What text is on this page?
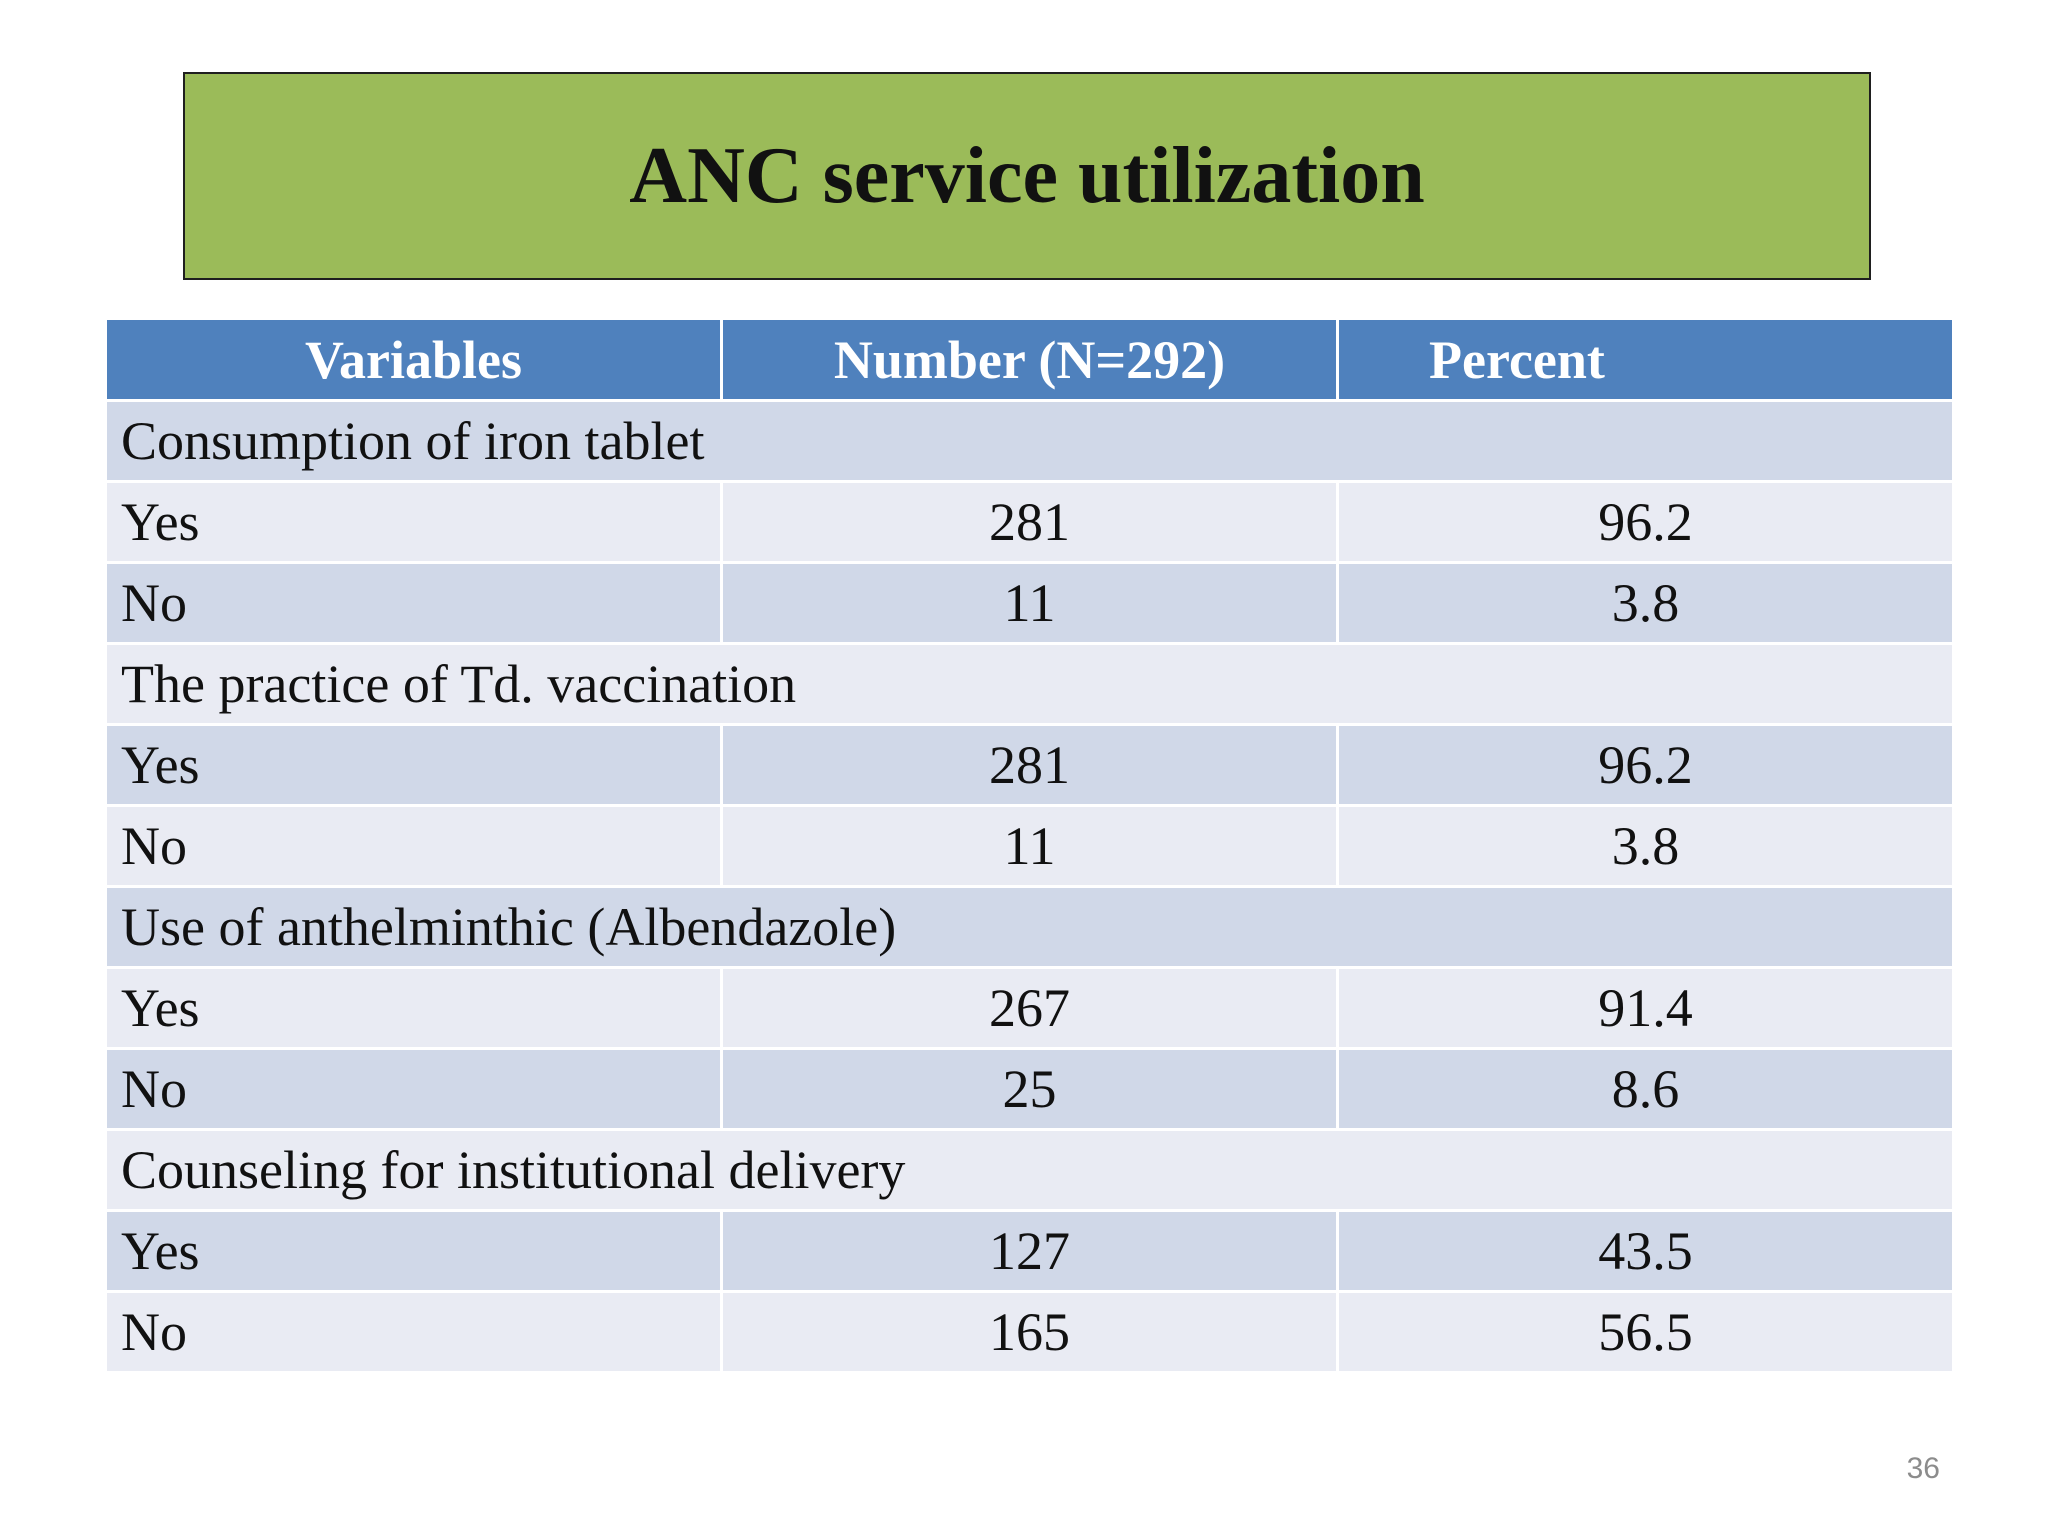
ANC service utilization
Variables	Number (N=292)	Percent
Consumption of iron tablet		
Yes	281	96.2
No	11	3.8
The practice of Td. vaccination		
Yes	281	96.2
No	11	3.8
Use of anthelminthic (Albendazole)		
Yes	267	91.4
No	25	8.6
Counseling for institutional delivery		
Yes	127	43.5
No	165	56.5
36
